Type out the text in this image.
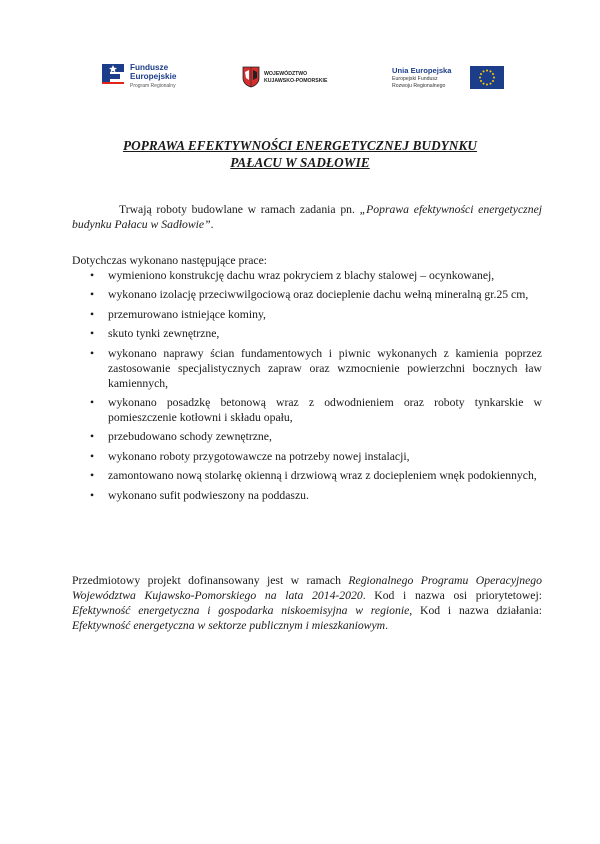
Fundusze
Europejskie
Program Regionalny
WOJEWÓDZTWO
KUJAWSKO-POMORSKIE
Unia Europejska
Europejski Fundusz
Rozwoju Regionalnego
POPRAWA EFEKTYWNOŚCI ENERGETYCZNEJ BUDYNKU
PAŁACU W SADŁOWIE

Trwają roboty budowlane w ramach zadania pn. „Poprawa efektywności energetycznej budynku Pałacu w Sadłowie”.

Dotychczas wykonano następujące prace:

• wymieniono konstrukcję dachu wraz pokryciem z blachy stalowej – ocynkowanej,
• wykonano izolację przeciwwilgociową oraz docieplenie dachu wełną mineralną gr.25 cm,
• przemurowano istniejące kominy,
• skuto tynki zewnętrzne,
• wykonano naprawy ścian fundamentowych i piwnic wykonanych z kamienia poprzez zastosowanie specjalistycznych zapraw oraz wzmocnienie powierzchni bocznych ław kamiennych,
• wykonano posadzkę betonową wraz z odwodnieniem oraz roboty tynkarskie w pomieszczenie kotłowni i składu opału,
• przebudowano schody zewnętrzne,
• wykonano roboty przygotowawcze na potrzeby nowej instalacji,
• zamontowano nową stolarkę okienną i drzwiową wraz z dociepleniem wnęk podokiennych,
• wykonano sufit podwieszony na poddaszu.

Przedmiotowy projekt dofinansowany jest w ramach Regionalnego Programu Operacyjnego Województwa Kujawsko-Pomorskiego na lata 2014-2020. Kod i nazwa osi priorytetowej: Efektywność energetyczna i gospodarka niskoemisyjna w regionie, Kod i nazwa działania: Efektywność energetyczna w sektorze publicznym i mieszkaniowym.
